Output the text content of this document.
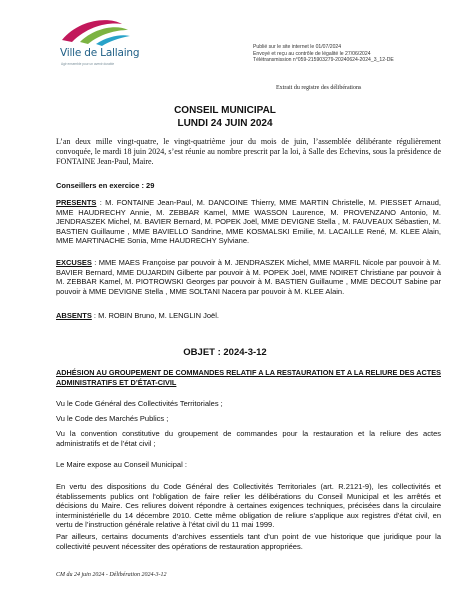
Ville de Lallaing
Agir ensemble pour un avenir durable
Publié sur le site internet le 01/07/2024
Envoyé et reçu au contrôle de légalité le 27/06/2024
Télétransmission n°059-215903279-20240624-2024_3_12-DE
Extrait du registre des délibérations
CONSEIL MUNICIPAL
LUNDI 24 JUIN 2024
L’an deux mille vingt-quatre, le vingt-quatrième jour du mois de juin, l’assemblée délibérante régulièrement convoquée, le mardi 18 juin 2024, s’est réunie au nombre prescrit par la loi, à Salle des Echevins, sous la présidence de FONTAINE Jean-Paul, Maire.
Conseillers en exercice : 29
PRESENTS : M. FONTAINE Jean-Paul, M. DANCOINE Thierry, MME MARTIN Christelle, M. PIESSET Arnaud, MME HAUDRECHY Annie, M. ZEBBAR Kamel, MME WASSON Laurence, M. PROVENZANO Antonio, M. JENDRASZEK Michel, M. BAVIER Bernard, M. POPEK Joël, MME DEVIGNE Stella , M. FAUVEAUX Sébastien, M. BASTIEN Guillaume , MME BAVIELLO Sandrine, MME KOSMALSKI Emilie, M. LACAILLE René, M. KLEE Alain, MME MARTINACHE Sonia, Mme HAUDRECHY Sylviane.
EXCUSES : MME MAES Françoise par pouvoir à M. JENDRASZEK Michel, MME MARFIL Nicole par pouvoir à M. BAVIER Bernard, MME DUJARDIN Gilberte par pouvoir à M. POPEK Joël, MME NOIRET Christiane par pouvoir à M. ZEBBAR Kamel, M. PIOTROWSKI Georges par pouvoir à M. BASTIEN Guillaume , MME DECOUT Sabine par pouvoir à MME DEVIGNE Stella , MME SOLTANI Nacera par pouvoir à M. KLEE Alain.
ABSENTS : M. ROBIN Bruno, M. LENGLIN Joël.
OBJET : 2024-3-12
ADHÉSION AU GROUPEMENT DE COMMANDES RELATIF A LA RESTAURATION ET A LA RELIURE DES ACTES ADMINISTRATIFS ET D’ÉTAT-CIVIL
Vu le Code Général des Collectivités Territoriales ;
Vu le Code des Marchés Publics ;
Vu la convention constitutive du groupement de commandes pour la restauration et la reliure des actes administratifs et de l’état civil ;
Le Maire expose au Conseil Municipal :
En vertu des dispositions du Code Général des Collectivités Territoriales (art. R.2121-9), les collectivités et établissements publics ont l’obligation de faire relier les délibérations du Conseil Municipal et les arrêtés et décisions du Maire. Ces reliures doivent répondre à certaines exigences techniques, précisées dans la circulaire interministérielle du 14 décembre 2010. Cette même obligation de reliure s’applique aux registres d’état civil, en vertu de l’instruction générale relative à l’état civil du 11 mai 1999.
Par ailleurs, certains documents d’archives essentiels tant d’un point de vue historique que juridique pour la collectivité peuvent nécessiter des opérations de restauration appropriées.
CM du 24 juin 2024 - Délibération 2024-3-12
